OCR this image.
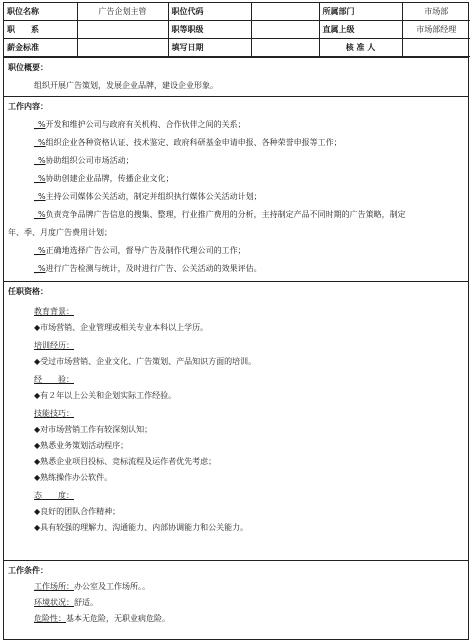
职位名称	广告企划主管	职位代码		所属部门	市场部
职　　系		职等职级		直属上级	市场部经理
薪金标准		填写日期		核 准 人	
职位概要：
组织开展广告策划，发展企业品牌，建设企业形象。
工作内容：
_%开发和维护公司与政府有关机构、合作伙伴之间的关系；
_%组织企业各种资格认证、技术鉴定、政府科研基金申请申报、各种荣誉申报等工作；
_%协助组织公司市场活动；
_%协助创建企业品牌，传播企业文化；
_%主持公司媒体公关活动，制定并组织执行媒体公关活动计划；
_%负责竞争品牌广告信息的搜集、整理，行业推广费用的分析，主持制定产品不同时期的广告策略，制定
年、季、月度广告费用计划；
_%正确地选择广告公司，督导广告及制作代理公司的工作；
_%进行广告检测与统计，及时进行广告、公关活动的效果评估。
任职资格：
教育背景：
◆市场营销、企业管理或相关专业本科以上学历。
培训经历：
◆受过市场营销、企业文化、广告策划、产品知识方面的培训。
经　　验：
◆有２年以上公关和企划实际工作经验。
技能技巧：
◆对市场营销工作有较深刻认知；
◆熟悉业务策划活动程序；
◆熟悉企业项目投标、竞标流程及运作者优先考虑；
◆熟练操作办公软件。
态　　度：
◆良好的团队合作精神；
◆具有较强的理解力、沟通能力、内部协调能力和公关能力。
工作条件：
工作场所：办公室及工作场所。。
环境状况：舒适。
危险性：基本无危险，无职业病危险。
